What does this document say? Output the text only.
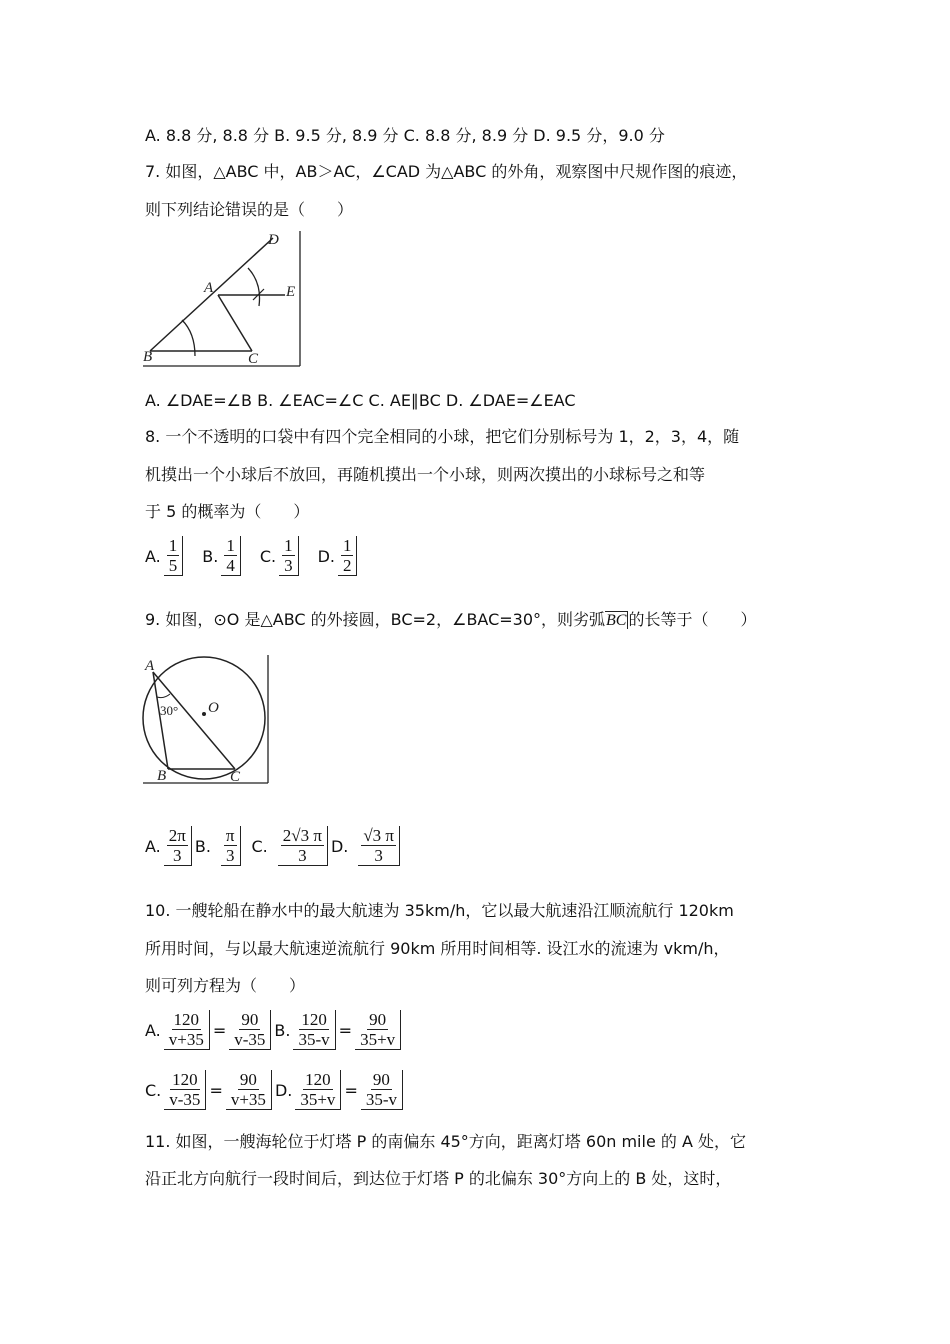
A. 8.8 分, 8.8 分 B. 9.5 分, 8.9 分 C. 8.8 分, 8.9 分 D. 9.5 分，9.0 分
7. 如图，△ABC 中，AB＞AC，∠CAD 为△ABC 的外角，观察图中尺规作图的痕迹，
则下列结论错误的是（　　）
D
A	E
B	C
A. ∠DAE=∠B B. ∠EAC=∠C C. AE∥BC D. ∠DAE=∠EAC
8. 一个不透明的口袋中有四个完全相同的小球，把它们分别标号为 1，2，3，4，随
机摸出一个小球后不放回，再随机摸出一个小球，则两次摸出的小球标号之和等
于 5 的概率为（　　）
A. $\frac{1}{5} B$. $\frac{1}{4} C$. $\frac{1}{3} D$. $\frac{1}{2}$
9. 如图，⊙O 是△ABC 的外接圆，BC=2，∠BAC=30°，则劣弧BC 的长等于（　　）
A
30° O
B	C
A. $\frac{2\pi}{3} B$. $\frac{\pi}{3} C$. $\frac{2√3 \pi}{3} D$. $\frac{√3 \pi}{3}$
10. 一艘轮船在静水中的最大航速为 35km/h，它以最大航速沿江顺流航行 120km
所用时间，与以最大航速逆流航行 90km 所用时间相等. 设江水的流速为 vkm/h，
则可列方程为（　　）
A. $\frac{120}{v+35} = \frac{90}{v-35} B$. $\frac{120}{35-v} = \frac{90}{35+v}$
C. $\frac{120}{v-35} = \frac{90}{v+35} D$. $\frac{120}{35+v} = \frac{90}{35-v}$
11. 如图，一艘海轮位于灯塔 P 的南偏东 45°方向，距离灯塔 60n mile 的 A 处，它
沿正北方向航行一段时间后，到达位于灯塔 P 的北偏东 30°方向上的 B 处，这时，
